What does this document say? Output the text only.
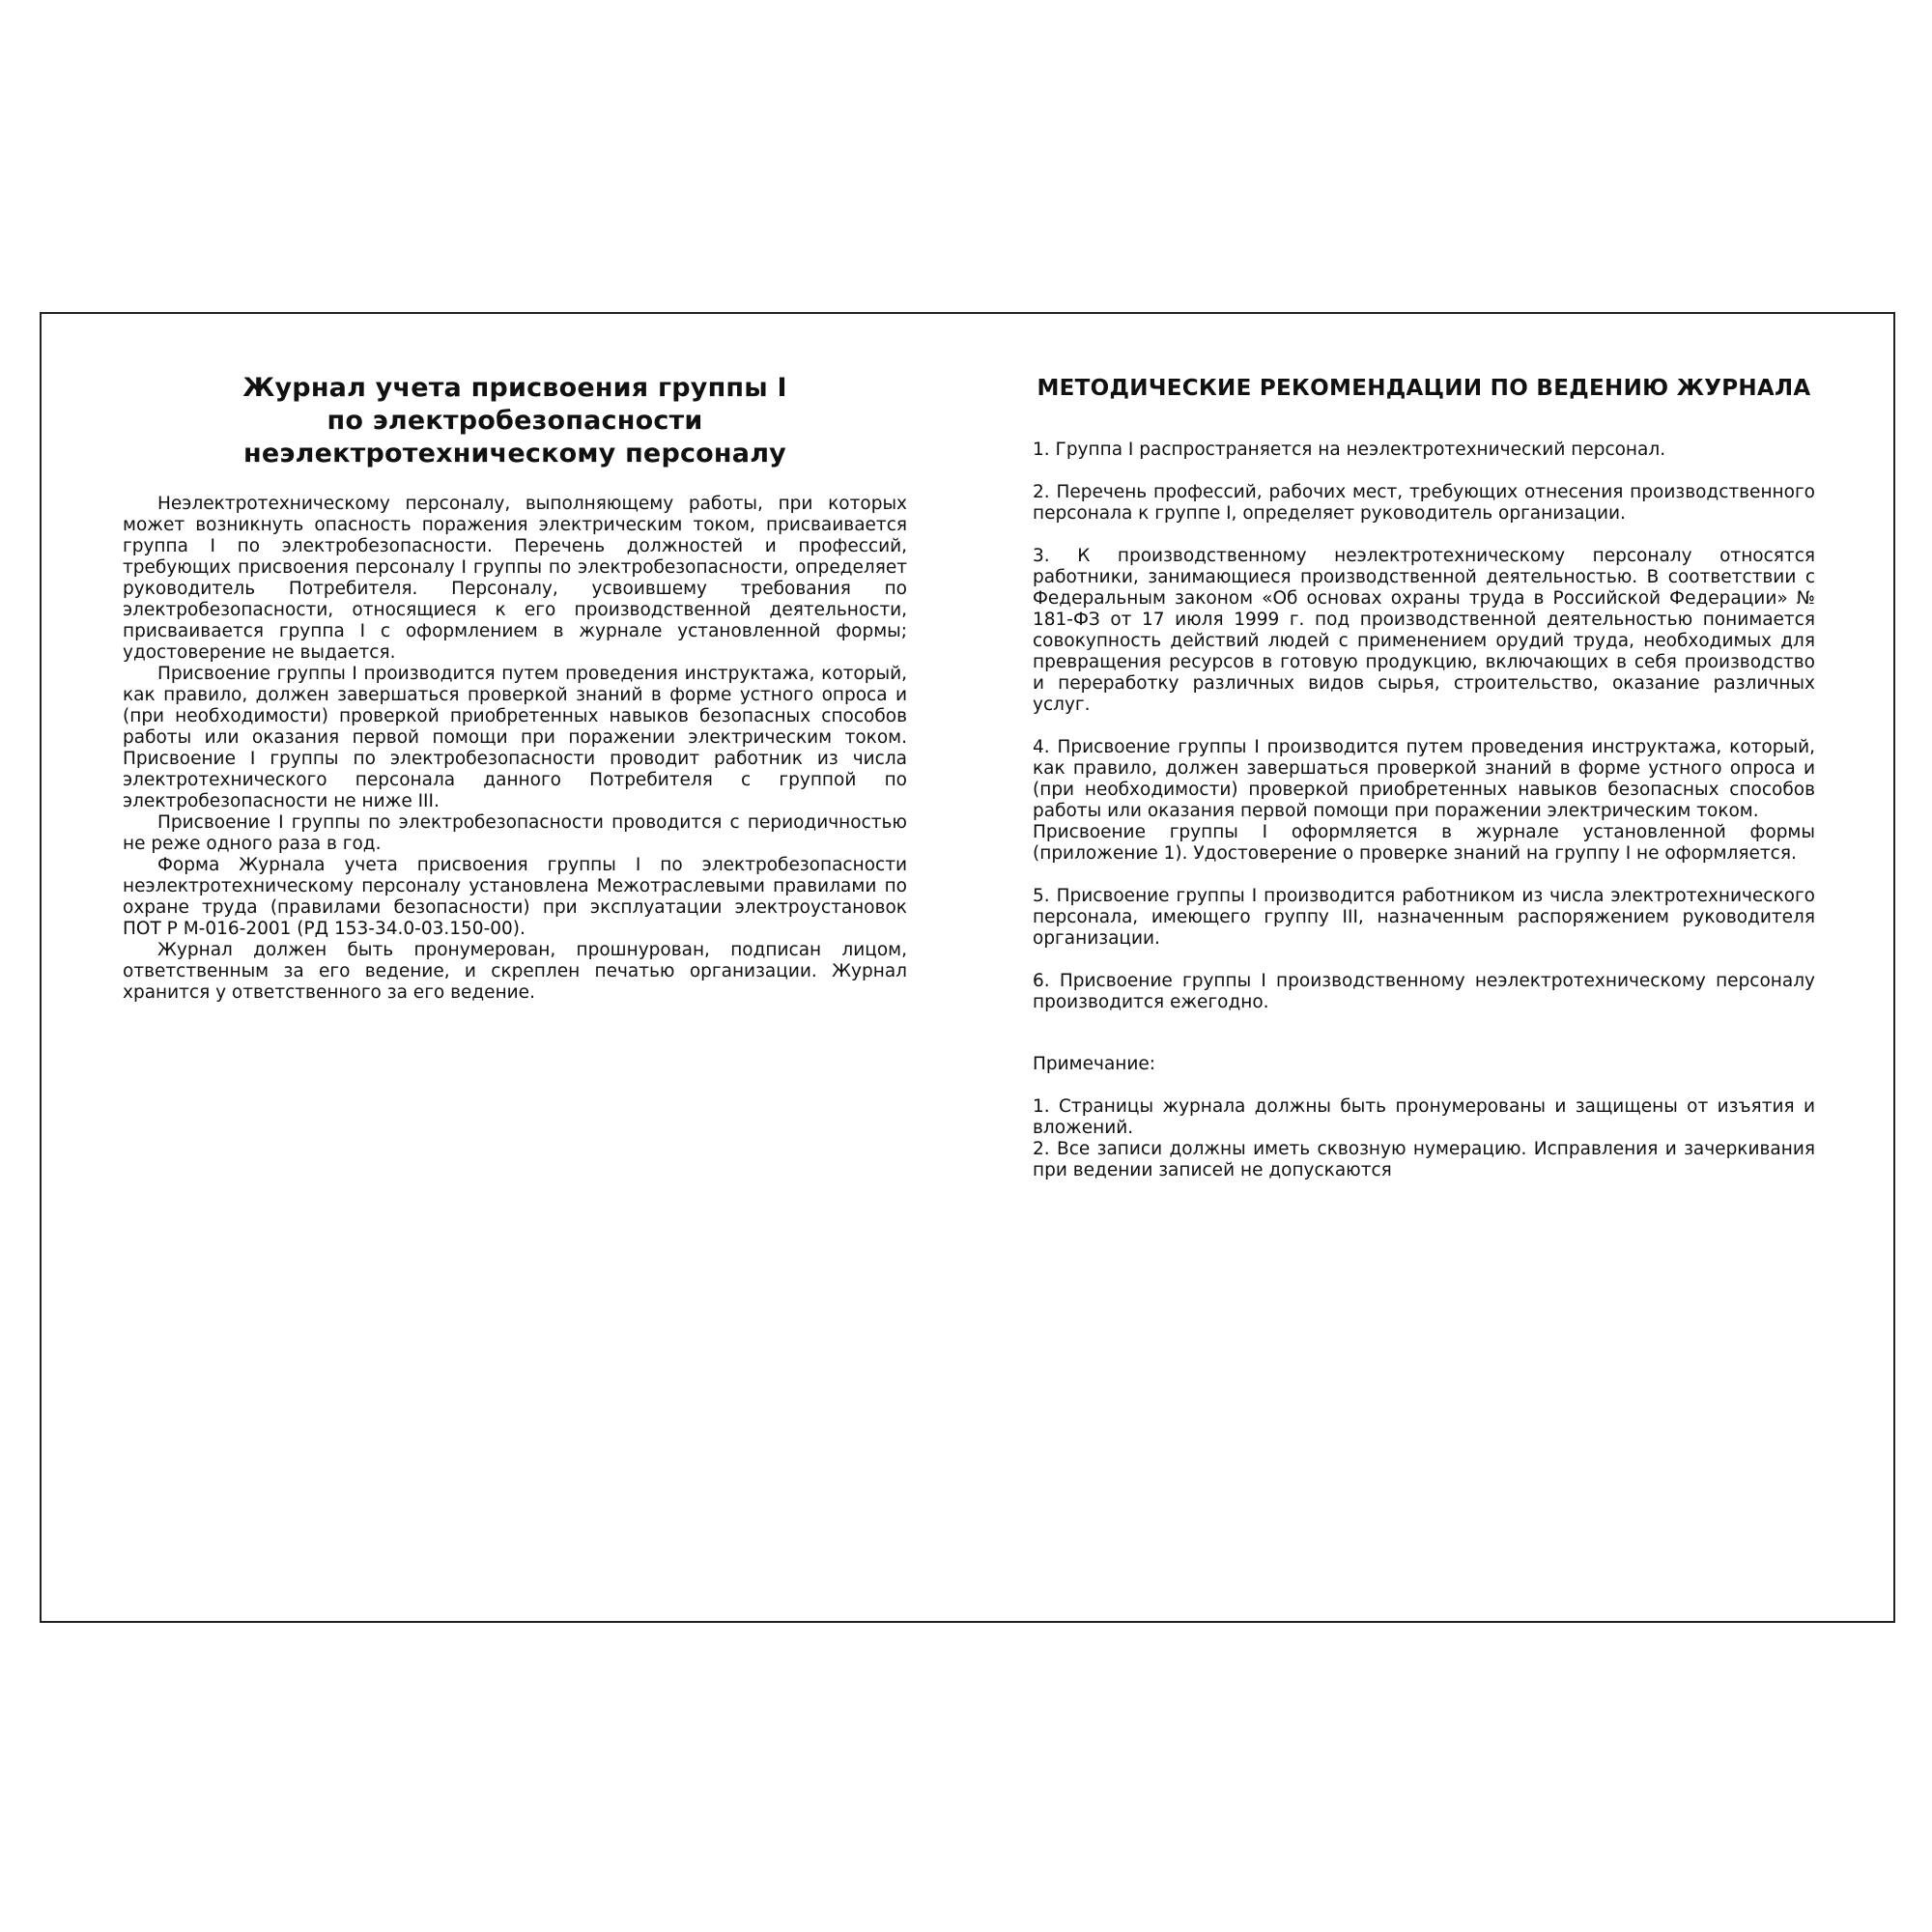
Журнал учета присвоения группы I
по электробезопасности
неэлектротехническому персоналу

Неэлектротехническому персоналу, выполняющему работы, при которых может возникнуть опасность поражения электрическим током, присваивается группа I по электробезопасности. Перечень должностей и профессий, требующих присвоения персоналу I группы по электробезопасности, определяет руководитель Потребителя. Персоналу, усвоившему требования по электробезопасности, относящиеся к его производственной деятельности, присваивается группа I с оформлением в журнале установленной формы; удостоверение не выдается.

Присвоение группы I производится путем проведения инструктажа, который, как правило, должен завершаться проверкой знаний в форме устного опроса и (при необходимости) проверкой приобретенных навыков безопасных способов работы или оказания первой помощи при поражении электрическим током. Присвоение I группы по электробезопасности проводит работник из числа электротехнического персонала данного Потребителя с группой по электробезопасности не ниже III.

Присвоение I группы по электробезопасности проводится с периодичностью не реже одного раза в год.

Форма Журнала учета присвоения группы I по электробезопасности неэлектротехническому персоналу установлена Межотраслевыми правилами по охране труда (правилами безопасности) при эксплуатации электроустановок ПОТ Р М-016-2001 (РД 153-34.0-03.150-00).

Журнал должен быть пронумерован, прошнурован, подписан лицом, ответственным за его ведение, и скреплен печатью организации. Журнал хранится у ответственного за его ведение.

МЕТОДИЧЕСКИЕ РЕКОМЕНДАЦИИ ПО ВЕДЕНИЮ ЖУРНАЛА

1. Группа I распространяется на неэлектротехнический персонал.

2. Перечень профессий, рабочих мест, требующих отнесения производственного персонала к группе I, определяет руководитель организации.

3. К производственному неэлектротехническому персоналу относятся работники, занимающиеся производственной деятельностью. В соответствии с Федеральным законом «Об основах охраны труда в Российской Федерации» № 181-ФЗ от 17 июля 1999 г. под производственной деятельностью понимается совокупность действий людей с применением орудий труда, необходимых для превращения ресурсов в готовую продукцию, включающих в себя производство и переработку различных видов сырья, строительство, оказание различных услуг.

4. Присвоение группы I производится путем проведения инструктажа, который, как правило, должен завершаться проверкой знаний в форме устного опроса и (при необходимости) проверкой приобретенных навыков безопасных способов работы или оказания первой помощи при поражении электрическим током.

Присвоение группы I оформляется в журнале установленной формы (приложение 1). Удостоверение о проверке знаний на группу I не оформляется.

5. Присвоение группы I производится работником из числа электротехнического персонала, имеющего группу III, назначенным распоряжением руководителя организации.

6. Присвоение группы I производственному неэлектротехническому персоналу производится ежегодно.

Примечание:

1. Страницы журнала должны быть пронумерованы и защищены от изъятия и вложений.

2. Все записи должны иметь сквозную нумерацию. Исправления и зачеркивания при ведении записей не допускаются
